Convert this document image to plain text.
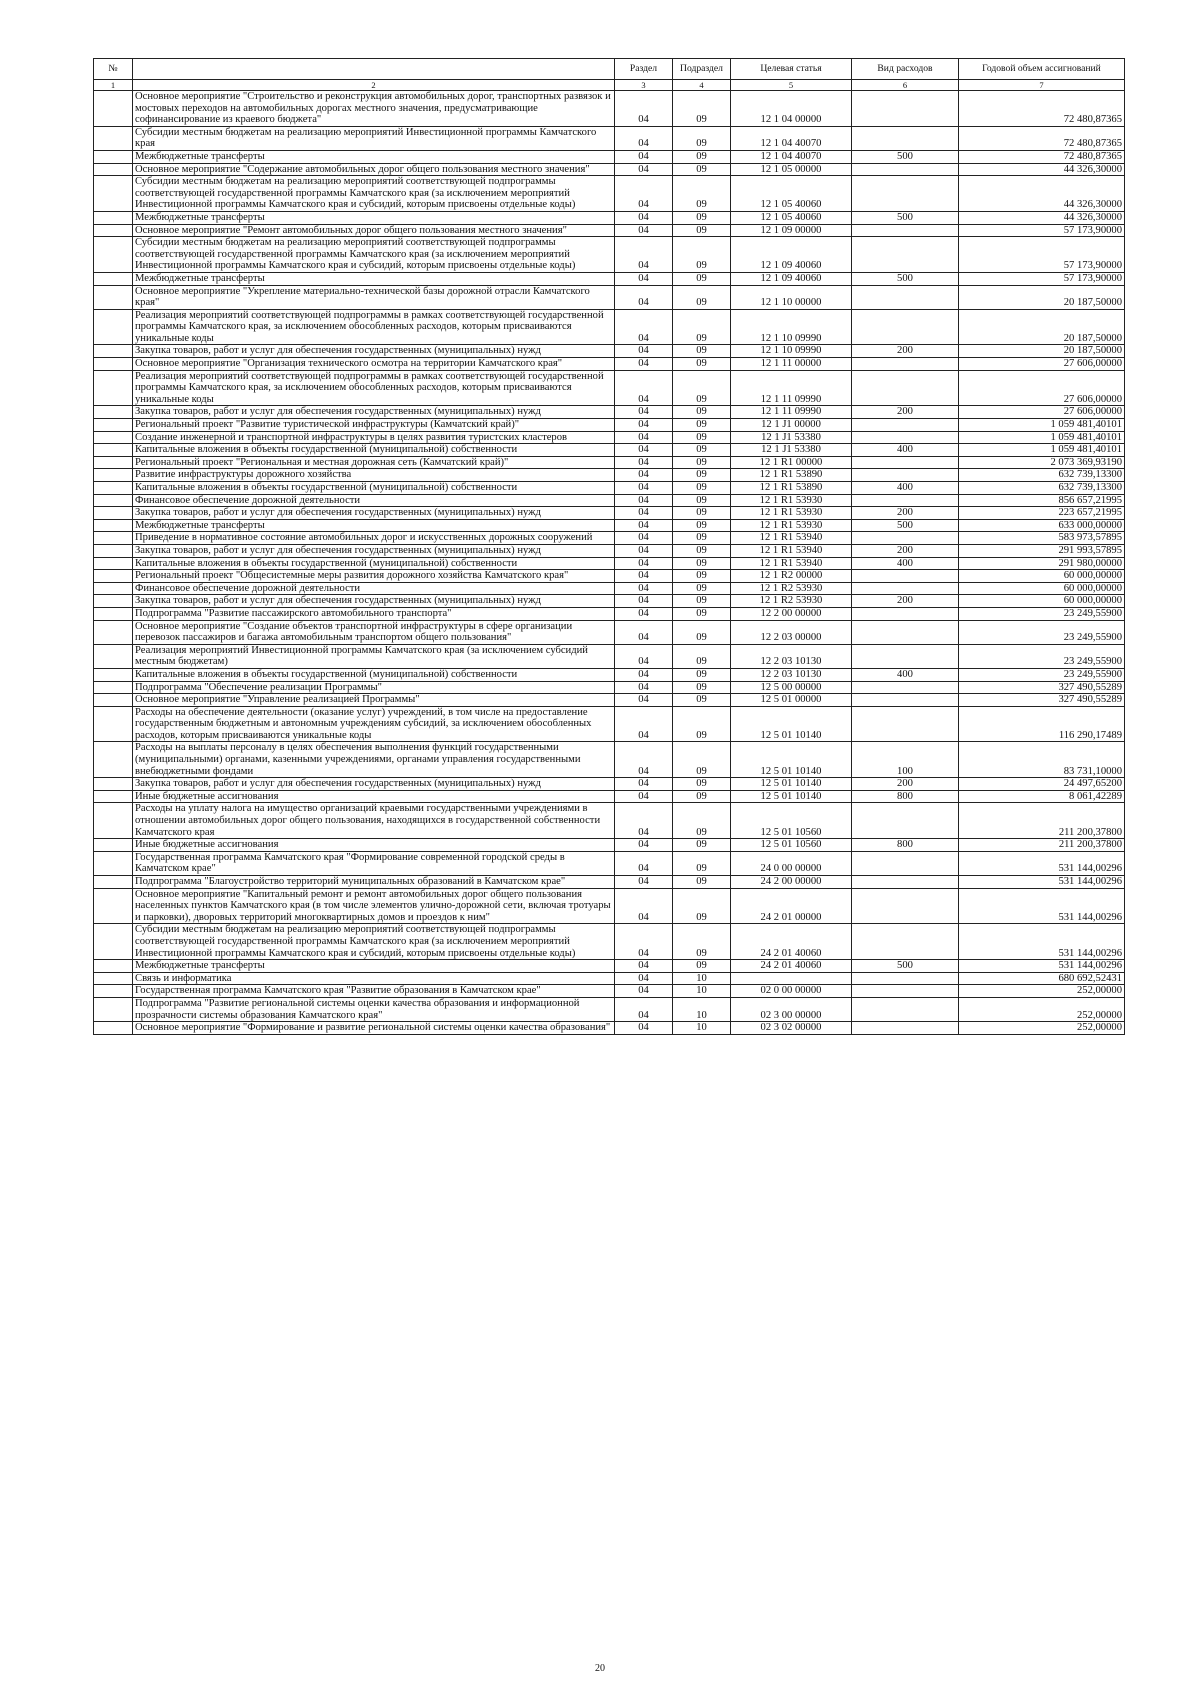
№		Раздел	Подраздел	Целевая статья	Вид расходов	Годовой объем ассигнований
1	2	3	4	5	6	7
	Основное мероприятие "Строительство и реконструкция автомобильных дорог, транспортных развязок и мостовых переходов на автомобильных дорогах местного значения, предусматривающие софинансирование из краевого бюджета"	04	09	12 1 04 00000		72 480,87365
	Субсидии местным бюджетам на реализацию мероприятий Инвестиционной программы Камчатского края	04	09	12 1 04 40070		72 480,87365
	Межбюджетные трансферты	04	09	12 1 04 40070	500	72 480,87365
	Основное мероприятие "Содержание автомобильных дорог общего пользования местного значения"	04	09	12 1 05 00000		44 326,30000
	Субсидии местным бюджетам на реализацию мероприятий соответствующей подпрограммы соответствующей государственной программы Камчатского края (за исключением мероприятий Инвестиционной программы Камчатского края и субсидий, которым присвоены отдельные коды)	04	09	12 1 05 40060		44 326,30000
	Межбюджетные трансферты	04	09	12 1 05 40060	500	44 326,30000
	Основное мероприятие "Ремонт автомобильных дорог общего пользования местного значения"	04	09	12 1 09 00000		57 173,90000
	Субсидии местным бюджетам на реализацию мероприятий соответствующей подпрограммы соответствующей государственной программы Камчатского края (за исключением мероприятий Инвестиционной программы Камчатского края и субсидий, которым присвоены отдельные коды)	04	09	12 1 09 40060		57 173,90000
	Межбюджетные трансферты	04	09	12 1 09 40060	500	57 173,90000
	Основное мероприятие "Укрепление материально-технической базы дорожной отрасли Камчатского края"	04	09	12 1 10 00000		20 187,50000
	Реализация мероприятий соответствующей подпрограммы в рамках соответствующей государственной программы Камчатского края, за исключением обособленных расходов, которым присваиваются уникальные коды	04	09	12 1 10 09990		20 187,50000
	Закупка товаров, работ и услуг для обеспечения государственных (муниципальных) нужд	04	09	12 1 10 09990	200	20 187,50000
	Основное мероприятие "Организация технического осмотра на территории Камчатского края"	04	09	12 1 11 00000		27 606,00000
	Реализация мероприятий соответствующей подпрограммы в рамках соответствующей государственной программы Камчатского края, за исключением обособленных расходов, которым присваиваются уникальные коды	04	09	12 1 11 09990		27 606,00000
	Закупка товаров, работ и услуг для обеспечения государственных (муниципальных) нужд	04	09	12 1 11 09990	200	27 606,00000
	Региональный проект "Развитие туристической инфраструктуры (Камчатский край)"	04	09	12 1 J1 00000		1 059 481,40101
	Создание инженерной и транспортной инфраструктуры в целях развития туристских кластеров	04	09	12 1 J1 53380		1 059 481,40101
	Капитальные вложения в объекты государственной (муниципальной) собственности	04	09	12 1 J1 53380	400	1 059 481,40101
	Региональный проект "Региональная и местная дорожная сеть (Камчатский край)"	04	09	12 1 R1 00000		2 073 369,93190
	Развитие инфраструктуры дорожного хозяйства	04	09	12 1 R1 53890		632 739,13300
	Капитальные вложения в объекты государственной (муниципальной) собственности	04	09	12 1 R1 53890	400	632 739,13300
	Финансовое обеспечение дорожной деятельности	04	09	12 1 R1 53930		856 657,21995
	Закупка товаров, работ и услуг для обеспечения государственных (муниципальных) нужд	04	09	12 1 R1 53930	200	223 657,21995
	Межбюджетные трансферты	04	09	12 1 R1 53930	500	633 000,00000
	Приведение в нормативное состояние автомобильных дорог и искусственных дорожных сооружений	04	09	12 1 R1 53940		583 973,57895
	Закупка товаров, работ и услуг для обеспечения государственных (муниципальных) нужд	04	09	12 1 R1 53940	200	291 993,57895
	Капитальные вложения в объекты государственной (муниципальной) собственности	04	09	12 1 R1 53940	400	291 980,00000
	Региональный проект "Общесистемные меры развития дорожного хозяйства Камчатского края"	04	09	12 1 R2 00000		60 000,00000
	Финансовое обеспечение дорожной деятельности	04	09	12 1 R2 53930		60 000,00000
	Закупка товаров, работ и услуг для обеспечения государственных (муниципальных) нужд	04	09	12 1 R2 53930	200	60 000,00000
	Подпрограмма "Развитие пассажирского автомобильного транспорта"	04	09	12 2 00 00000		23 249,55900
	Основное мероприятие "Создание объектов транспортной инфраструктуры в сфере организации перевозок пассажиров и багажа автомобильным транспортом общего пользования"	04	09	12 2 03 00000		23 249,55900
	Реализация мероприятий Инвестиционной программы Камчатского края (за исключением субсидий местным бюджетам)	04	09	12 2 03 10130		23 249,55900
	Капитальные вложения в объекты государственной (муниципальной) собственности	04	09	12 2 03 10130	400	23 249,55900
	Подпрограмма "Обеспечение реализации Программы"	04	09	12 5 00 00000		327 490,55289
	Основное мероприятие "Управление реализацией Программы"	04	09	12 5 01 00000		327 490,55289
	Расходы на обеспечение деятельности (оказание услуг) учреждений, в том числе на предоставление государственным бюджетным и автономным учреждениям субсидий, за исключением обособленных расходов, которым присваиваются уникальные коды	04	09	12 5 01 10140		116 290,17489
	Расходы на выплаты персоналу в целях обеспечения выполнения функций государственными (муниципальными) органами, казенными учреждениями, органами управления государственными внебюджетными фондами	04	09	12 5 01 10140	100	83 731,10000
	Закупка товаров, работ и услуг для обеспечения государственных (муниципальных) нужд	04	09	12 5 01 10140	200	24 497,65200
	Иные бюджетные ассигнования	04	09	12 5 01 10140	800	8 061,42289
	Расходы на уплату налога на имущество организаций краевыми государственными учреждениями в отношении автомобильных дорог общего пользования, находящихся в государственной собственности Камчатского края	04	09	12 5 01 10560		211 200,37800
	Иные бюджетные ассигнования	04	09	12 5 01 10560	800	211 200,37800
	Государственная программа Камчатского края "Формирование современной городской среды в Камчатском крае"	04	09	24 0 00 00000		531 144,00296
	Подпрограмма "Благоустройство территорий муниципальных образований в Камчатском крае"	04	09	24 2 00 00000		531 144,00296
	Основное мероприятие "Капитальный ремонт и ремонт автомобильных дорог общего пользования населенных пунктов Камчатского края (в том числе элементов улично-дорожной сети, включая тротуары и парковки), дворовых территорий многоквартирных домов и проездов к ним"	04	09	24 2 01 00000		531 144,00296
	Субсидии местным бюджетам на реализацию мероприятий соответствующей подпрограммы соответствующей государственной программы Камчатского края (за исключением мероприятий Инвестиционной программы Камчатского края и субсидий, которым присвоены отдельные коды)	04	09	24 2 01 40060		531 144,00296
	Межбюджетные трансферты	04	09	24 2 01 40060	500	531 144,00296
	Связь и информатика	04	10			680 692,52431
	Государственная программа Камчатского края "Развитие образования в Камчатском крае"	04	10	02 0 00 00000		252,00000
	Подпрограмма "Развитие региональной системы оценки качества образования и информационной прозрачности системы образования Камчатского края"	04	10	02 3 00 00000		252,00000
	Основное мероприятие "Формирование и развитие региональной системы оценки качества образования"	04	10	02 3 02 00000		252,00000
20
